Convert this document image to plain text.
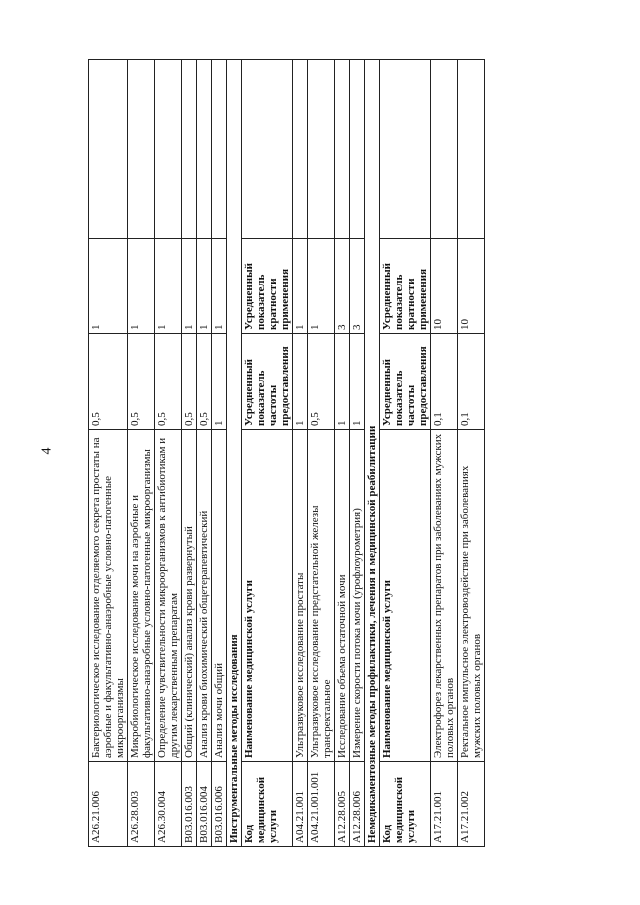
4
A26.21.006	Бактериологическое исследование отделяемого секрета простаты на аэробные и факультативно-анаэробные условно-патогенные микроорганизмы	0,5	1	
A26.28.003	Микробиологическое исследование мочи на аэробные и факультативно-анаэробные условно-патогенные микроорганизмы	0,5	1	
A26.30.004	Определение чувствительности микроорганизмов к антибиотикам и другим лекарственным препаратам	0,5	1	
B03.016.003	Общий (клинический) анализ крови развернутый	0,5	1	
B03.016.004	Анализ крови биохимический общетерапевтический	0,5	1	
B03.016.006	Анализ мочи общий	1	1	
Инструментальные методы исследования				
Код медицинской услуги	Наименование медицинской услуги	Усредненный показатель частоты предоставления	Усредненный показатель кратности применения	
A04.21.001	Ультразвуковое исследование простаты	1	1	
A04.21.001.001	Ультразвуковое исследование предстательной железы трансректальное	0,5	1	
A12.28.005	Исследование объема остаточной мочи	1	3	
A12.28.006	Измерение скорости потока мочи (урофлоурометрия)	1	3	
Немедикаментозные методы профилактики, лечения и медицинской реабилитации				
Код медицинской услуги	Наименование медицинской услуги	Усредненный показатель частоты предоставления	Усредненный показатель кратности применения	
A17.21.001	Электрофорез лекарственных препаратов при заболеваниях мужских половых органов	0,1	10	
A17.21.002	Ректальное импульсное электровоздействие при заболеваниях мужских половых органов	0,1	10	
